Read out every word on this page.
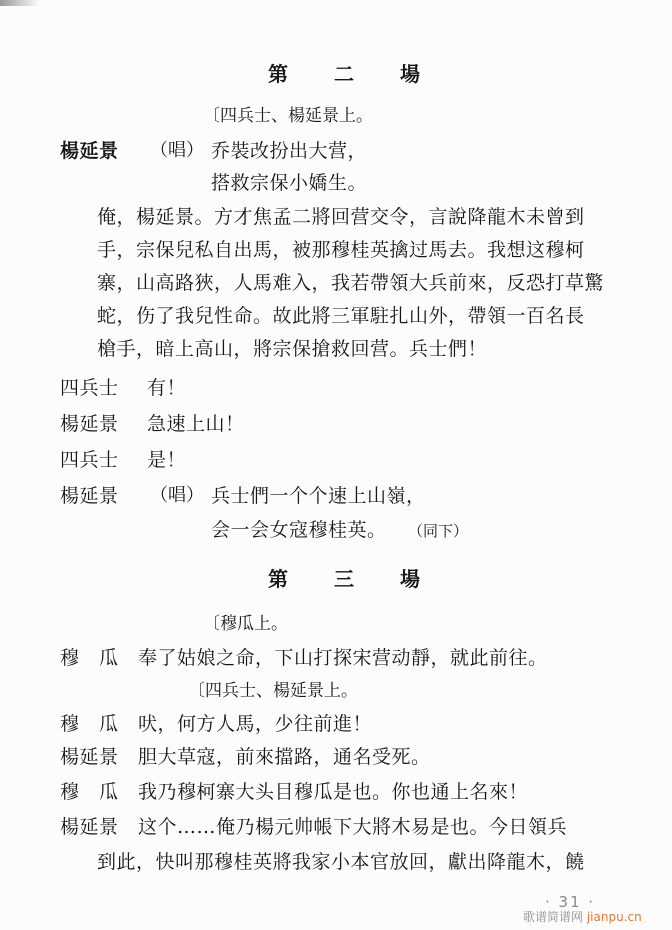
第 二 場
〔四兵士、楊延景上。
楊延景 （唱） 乔裝改扮出大营，
搭救宗保小嬌生。
俺，楊延景。方才焦孟二將回营交令，言說降龍木未曾到
手，宗保兒私自出馬，被那穆桂英擒过馬去。我想这穆柯
寨，山高路狹，人馬难入，我若帶領大兵前來，反恐打草驚
蛇，伤了我兒性命。故此將三軍駐扎山外，帶領一百名長
槍手，暗上高山，將宗保搶救回营。兵士們！
四兵士 有！
楊延景 急速上山！
四兵士 是！
楊延景 （唱） 兵士們一个个速上山嶺，
会一会女寇穆桂英。 （同下）
第 三 場
〔穆瓜上。
穆　瓜 奉了姑娘之命，下山打探宋营动靜，就此前往。
〔四兵士、楊延景上。
穆　瓜 吠，何方人馬，少往前進！
楊延景 胆大草寇，前來擋路，通名受死。
穆　瓜 我乃穆柯寨大头目穆瓜是也。你也通上名來！
楊延景 这个……俺乃楊元帅帳下大將木易是也。今日領兵
到此，快叫那穆桂英將我家小本官放回，獻出降龍木，饒
· 31 ·
歌谱简谱网 jianpu.cn
